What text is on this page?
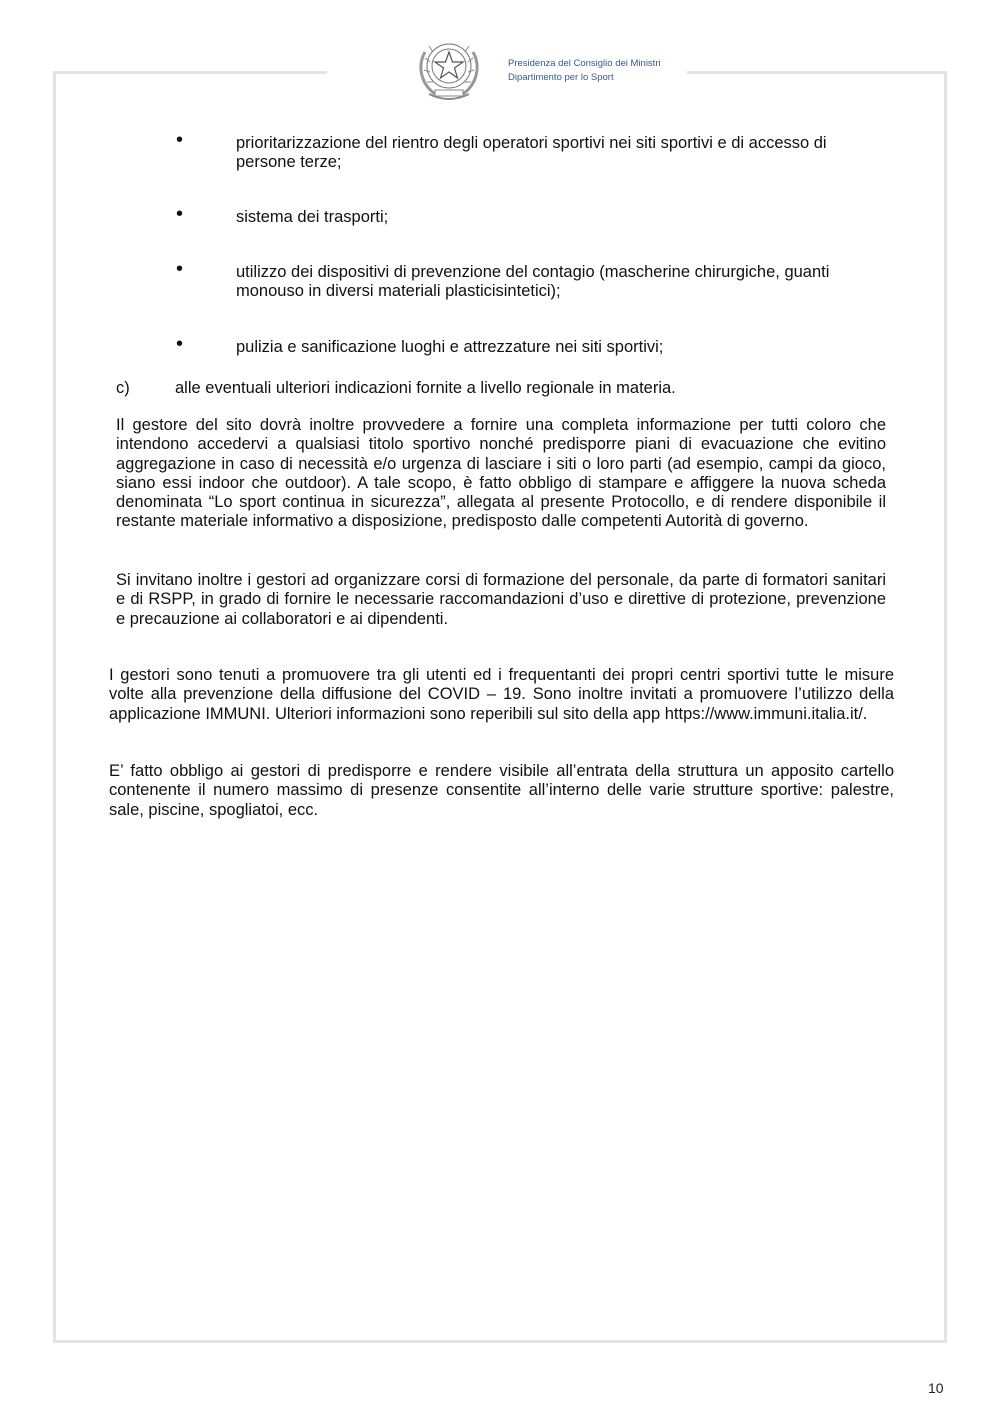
Presidenza del Consiglio dei Ministri
Dipartimento per lo Sport
•	prioritarizzazione del rientro degli operatori sportivi nei siti sportivi e di accesso di persone terze;
•	sistema dei trasporti;
•	utilizzo dei dispositivi di prevenzione del contagio (mascherine chirurgiche, guanti monouso in diversi materiali plasticisintetici);
•	pulizia e sanificazione luoghi e attrezzature nei siti sportivi;
c)	alle eventuali ulteriori indicazioni fornite a livello regionale in materia.
Il gestore del sito dovrà inoltre provvedere a fornire una completa informazione per tutti coloro che intendono accedervi a qualsiasi titolo sportivo nonché predisporre piani di evacuazione che evitino aggregazione in caso di necessità e/o urgenza di lasciare i siti o loro parti (ad esempio, campi da gioco, siano essi indoor che outdoor). A tale scopo, è fatto obbligo di stampare e affiggere la nuova scheda denominata “Lo sport continua in sicurezza”, allegata al presente Protocollo, e di rendere disponibile il restante materiale informativo a disposizione, predisposto dalle competenti Autorità di governo.
Si invitano inoltre i gestori ad organizzare corsi di formazione del personale, da parte di formatori sanitari e di RSPP, in grado di fornire le necessarie raccomandazioni d’uso e direttive di protezione, prevenzione e precauzione ai collaboratori e ai dipendenti.
I gestori sono tenuti a promuovere tra gli utenti ed i frequentanti dei propri centri sportivi tutte le misure volte alla prevenzione della diffusione del COVID – 19. Sono inoltre invitati a promuovere l’utilizzo della applicazione IMMUNI. Ulteriori informazioni sono reperibili sul sito della app https://www.immuni.italia.it/.
E’ fatto obbligo ai gestori di predisporre e rendere visibile all’entrata della struttura un apposito cartello contenente il numero massimo di presenze consentite all’interno delle varie strutture sportive: palestre, sale, piscine, spogliatoi, ecc.
10
